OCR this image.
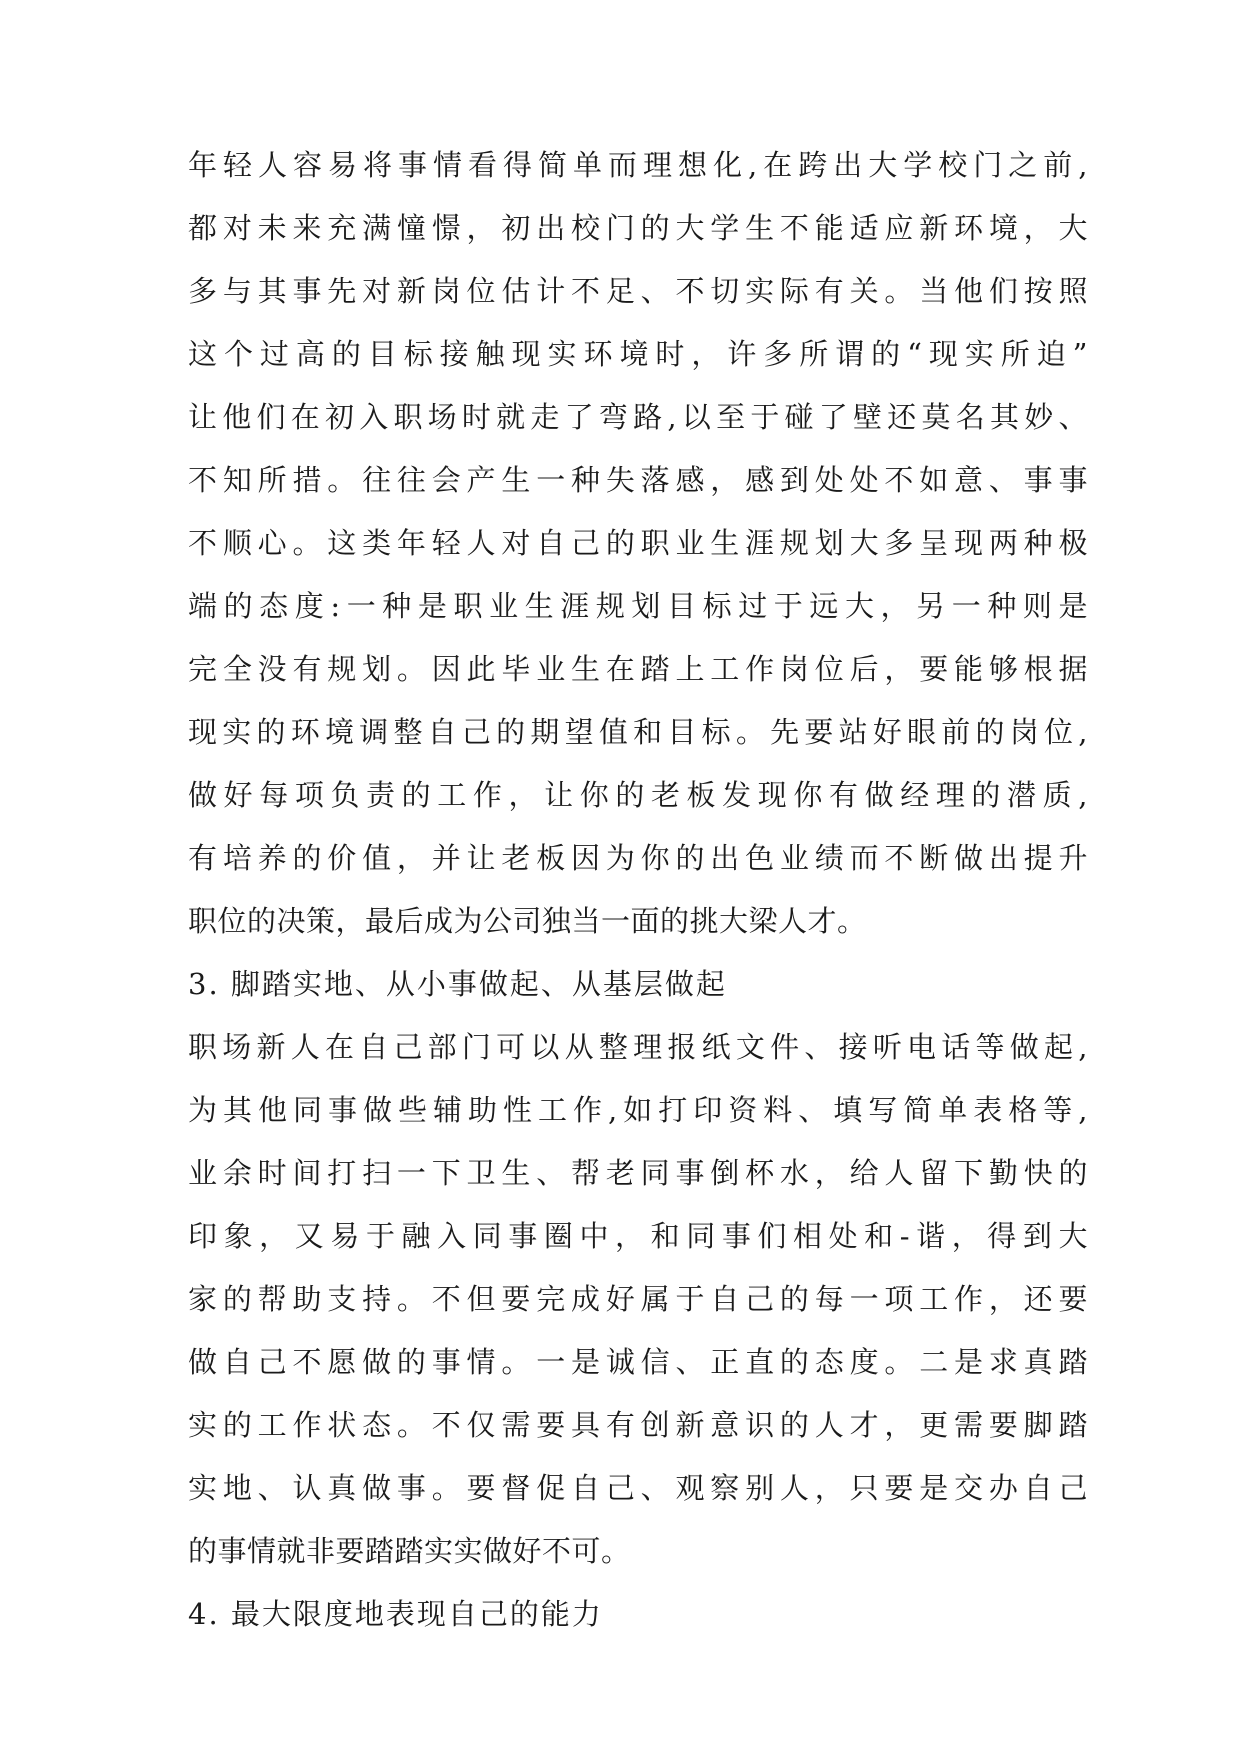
年轻人容易将事情看得简单而理想化,在跨出大学校门之前,
都对未来充满憧憬，初出校门的大学生不能适应新环境，大
多与其事先对新岗位估计不足、不切实际有关。当他们按照
这个过高的目标接触现实环境时，许多所谓的“现实所迫”
让他们在初入职场时就走了弯路,以至于碰了壁还莫名其妙、
不知所措。往往会产生一种失落感，感到处处不如意、事事
不顺心。这类年轻人对自己的职业生涯规划大多呈现两种极
端的态度:一种是职业生涯规划目标过于远大，另一种则是
完全没有规划。因此毕业生在踏上工作岗位后，要能够根据
现实的环境调整自己的期望值和目标。先要站好眼前的岗位,
做好每项负责的工作，让你的老板发现你有做经理的潜质,
有培养的价值，并让老板因为你的出色业绩而不断做出提升
职位的决策，最后成为公司独当一面的挑大梁人才。
3. 脚踏实地、从小事做起、从基层做起
职场新人在自己部门可以从整理报纸文件、接听电话等做起,
为其他同事做些辅助性工作,如打印资料、填写简单表格等,
业余时间打扫一下卫生、帮老同事倒杯水，给人留下勤快的
印象，又易于融入同事圈中，和同事们相处和-谐，得到大
家的帮助支持。不但要完成好属于自己的每一项工作，还要
做自己不愿做的事情。一是诚信、正直的态度。二是求真踏
实的工作状态。不仅需要具有创新意识的人才，更需要脚踏
实地、认真做事。要督促自己、观察别人，只要是交办自己
的事情就非要踏踏实实做好不可。
4. 最大限度地表现自己的能力
